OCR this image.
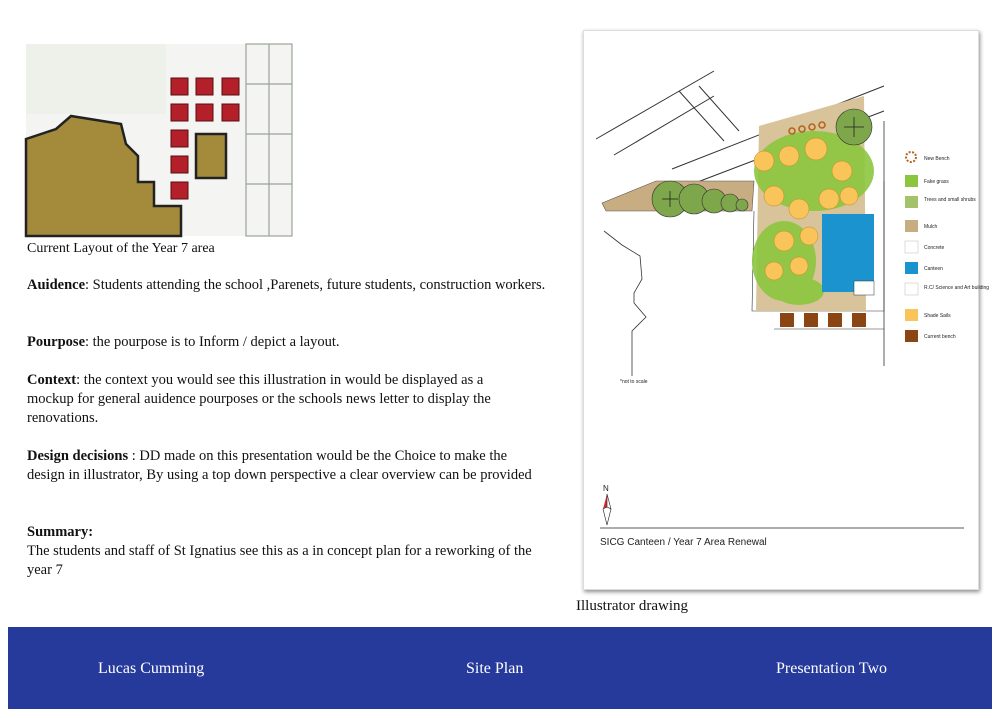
Current Layout of the Year 7 area

Auidence: Students attending the school ,Parenets, future students, construction workers.

Pourpose: the pourpose is to Inform / depict a layout.

Context: the context you would see this illustration in would be displayed as a mockup for general auidence pourposes or the schools news letter to display the renovations.

Design decisions : DD made on this presentation would be the Choice to make the design in illustrator, By using a top down perspective a clear overview can be provided

Summary:
The students and staff of St Ignatius see this as a in concept plan for a reworking of the year 7

New Bench
Fake grass
Trees and small shrubs
Mulch
Concrete
Canteen
R.C/ Science and Art building
Shade Sails
Current bench
*not to scale
N
SICG Canteen / Year 7 Area Renewal
Illustrator drawing
Lucas Cumming	Site Plan	Presentation Two
